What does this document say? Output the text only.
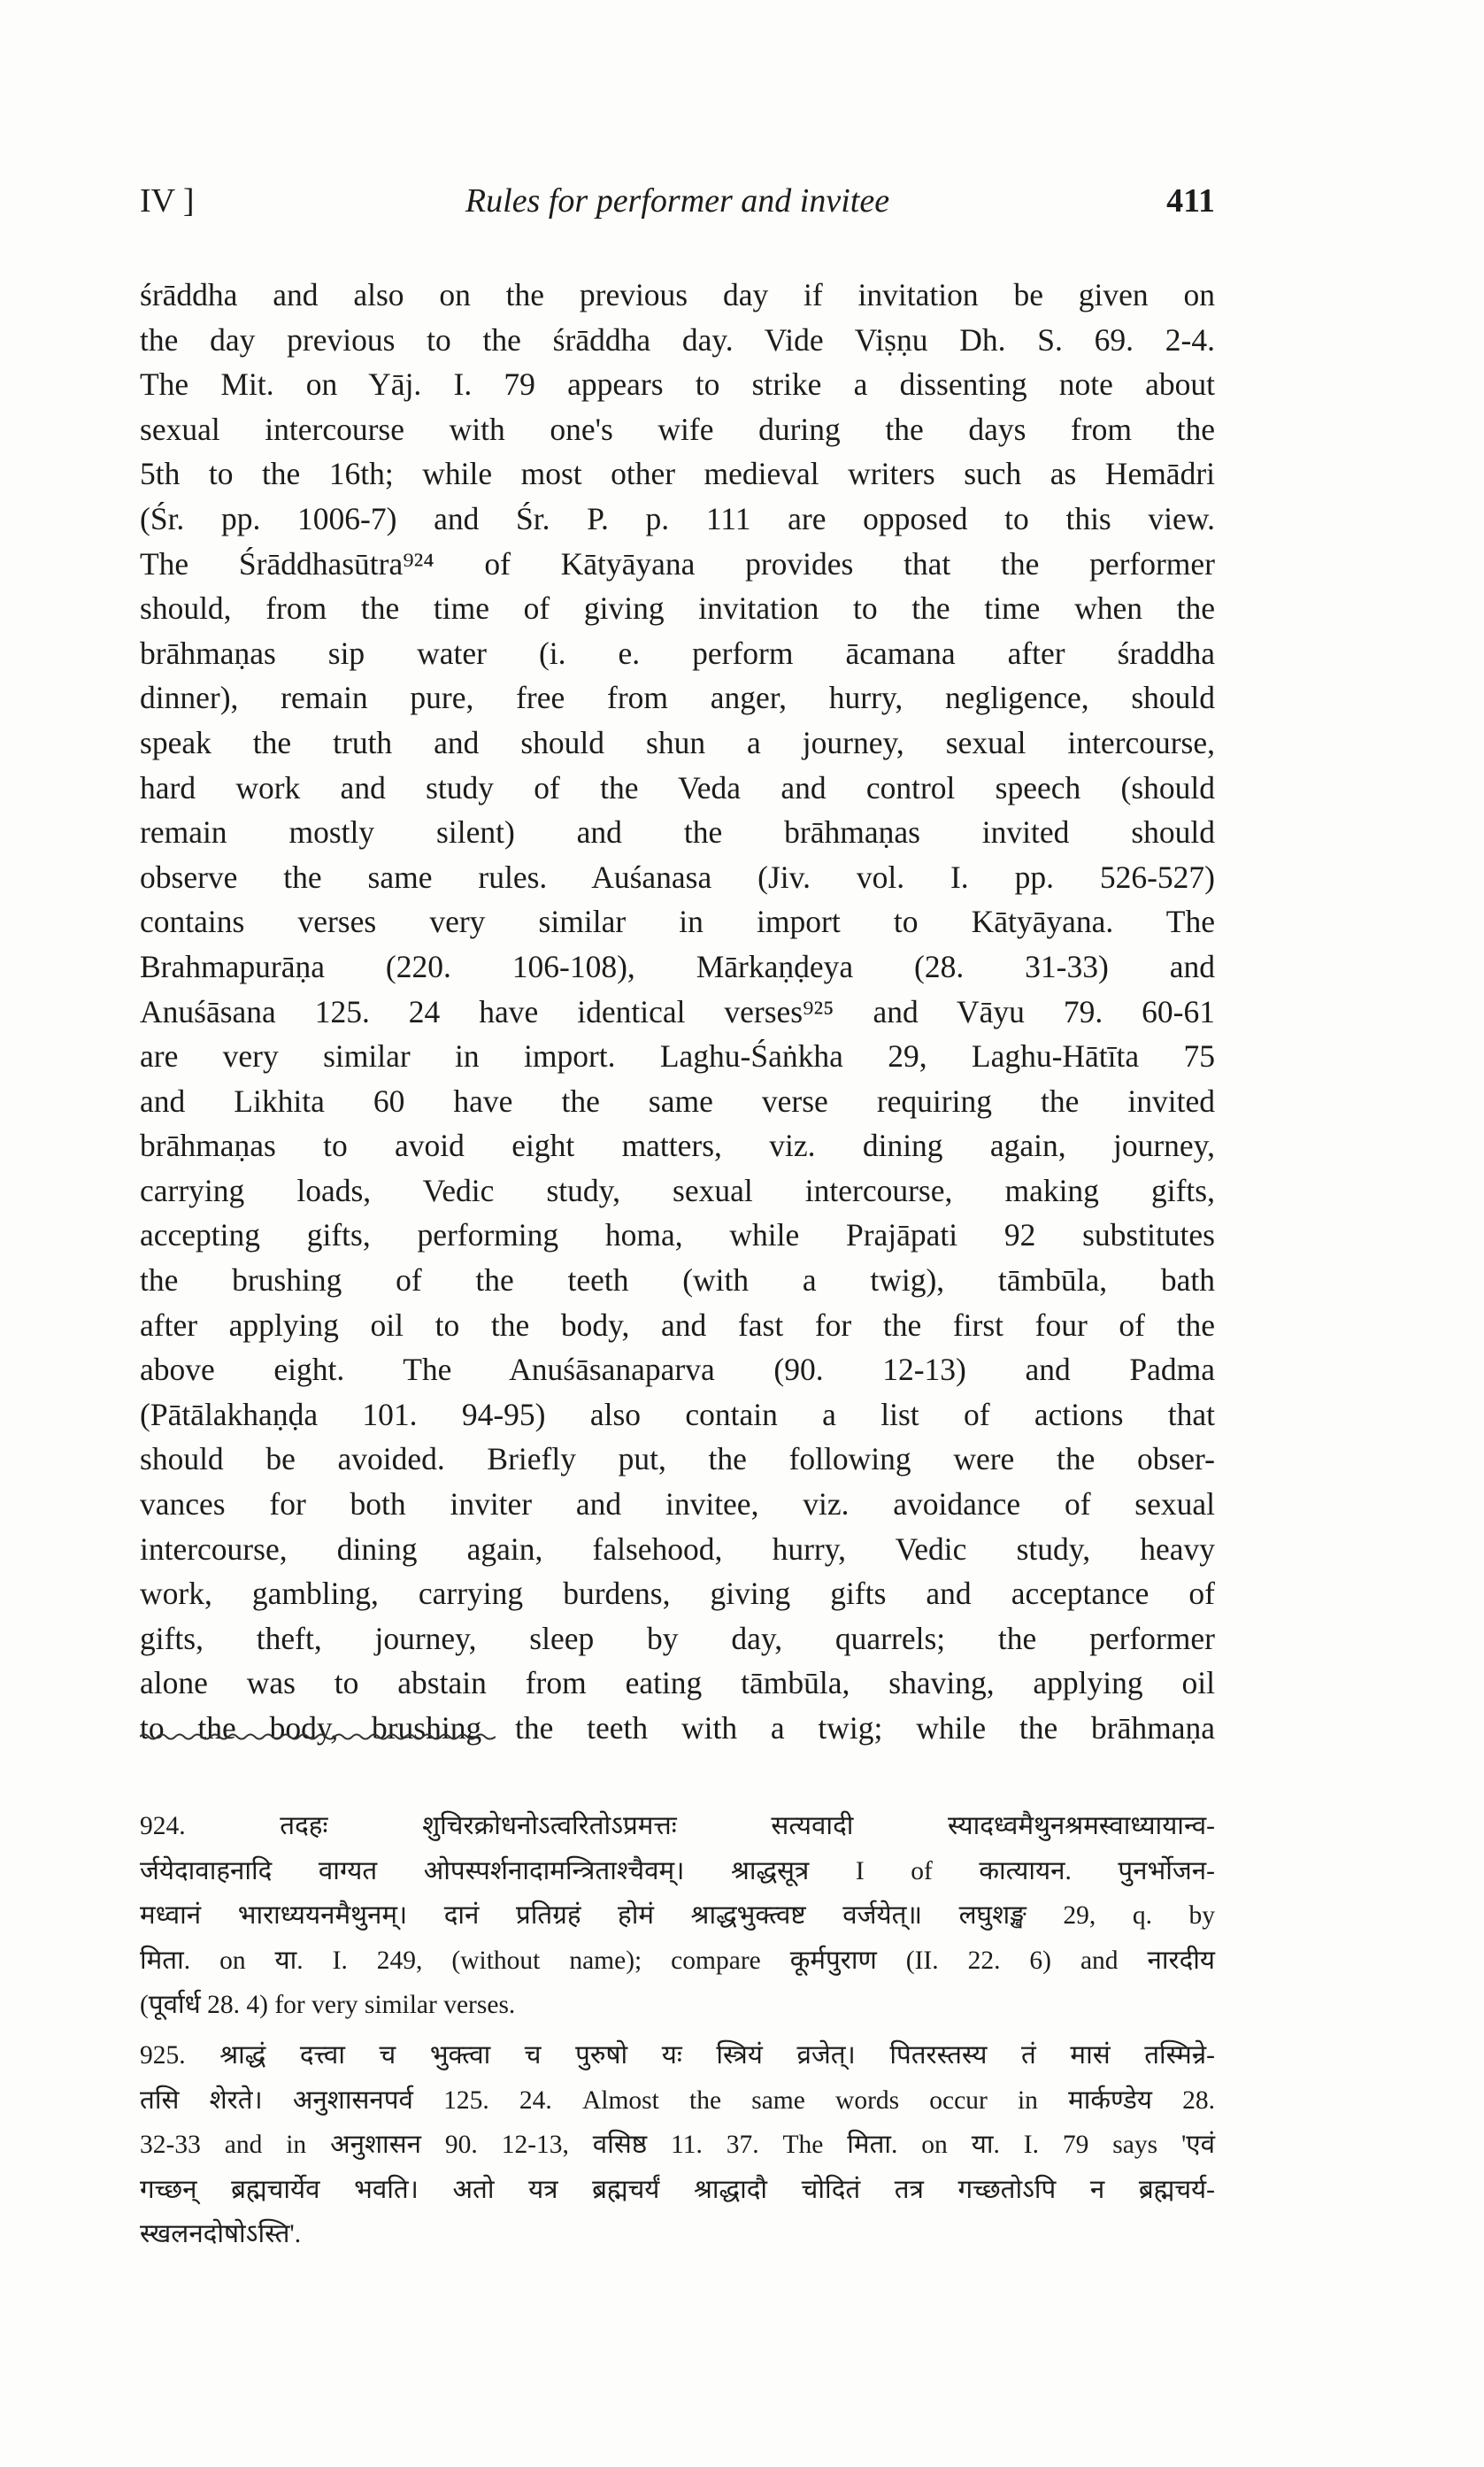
IV ]	Rules for performer and invitee	411
śrāddha and also on the previous day if invitation be given on
the day previous to the śrāddha day. Vide Viṣṇu Dh. S. 69. 2-4.
The Mit. on Yāj. I. 79 appears to strike a dissenting note about
sexual intercourse with one's wife during the days from the
5th to the 16th; while most other medieval writers such as Hemādri
(Śr. pp. 1006-7) and Śr. P. p. 111 are opposed to this view.
The Śrāddhasūtra⁹²⁴ of Kātyāyana provides that the performer
should, from the time of giving invitation to the time when the
brāhmaṇas sip water (i. e. perform ācamana after śraddha
dinner), remain pure, free from anger, hurry, negligence, should
speak the truth and should shun a journey, sexual intercourse,
hard work and study of the Veda and control speech (should
remain mostly silent) and the brāhmaṇas invited should
observe the same rules. Auśanasa (Jiv. vol. I. pp. 526-527)
contains verses very similar in import to Kātyāyana. The
Brahmapurāṇa (220. 106-108), Mārkaṇḍeya (28. 31-33) and
Anuśāsana 125. 24 have identical verses⁹²⁵ and Vāyu 79. 60-61
are very similar in import. Laghu-Śaṅkha 29, Laghu-Hātīta 75
and Likhita 60 have the same verse requiring the invited
brāhmaṇas to avoid eight matters, viz. dining again, journey,
carrying loads, Vedic study, sexual intercourse, making gifts,
accepting gifts, performing homa, while Prajāpati 92 substitutes
the brushing of the teeth (with a twig), tāmbūla, bath
after applying oil to the body, and fast for the first four of the
above eight. The Anuśāsanaparva (90. 12-13) and Padma
(Pātālakhaṇḍa 101. 94-95) also contain a list of actions that
should be avoided. Briefly put, the following were the obser-
vances for both inviter and invitee, viz. avoidance of sexual
intercourse, dining again, falsehood, hurry, Vedic study, heavy
work, gambling, carrying burdens, giving gifts and acceptance of
gifts, theft, journey, sleep by day, quarrels; the performer
alone was to abstain from eating tāmbūla, shaving, applying oil
to the body, brushing the teeth with a twig; while the brāhmaṇa
924. तदहः शुचिरक्रोधनोऽत्वरितोऽप्रमत्तः सत्यवादी स्यादध्वमैथुनश्रमस्वाध्यायान्व-
र्जयेदावाहनादि वाग्यत ओपस्पर्शनादामन्त्रिताश्चैवम्। श्राद्धसूत्र I of कात्यायन. पुनर्भोजन-
मध्वानं भाराध्ययनमैथुनम्। दानं प्रतिग्रहं होमं श्राद्धभुक्त्वष्ट वर्जयेत्॥ लघुशङ्ख 29, q. by
मिता. on या. I. 249, (without name); compare कूर्मपुराण (II. 22. 6) and नारदीय
(पूर्वार्ध 28. 4) for very similar verses.
925. श्राद्धं दत्त्वा च भुक्त्वा च पुरुषो यः स्त्रियं व्रजेत्। पितरस्तस्य तं मासं तस्मिन्रे-
तसि शेरते। अनुशासनपर्व 125. 24. Almost the same words occur in मार्कण्डेय 28.
32-33 and in अनुशासन 90. 12-13, वसिष्ठ 11. 37. The मिता. on या. I. 79 says 'एवं
गच्छन् ब्रह्मचार्येव भवति। अतो यत्र ब्रह्मचर्यं श्राद्धादौ चोदितं तत्र गच्छतोऽपि न ब्रह्मचर्य-
स्खलनदोषोऽस्ति'.
